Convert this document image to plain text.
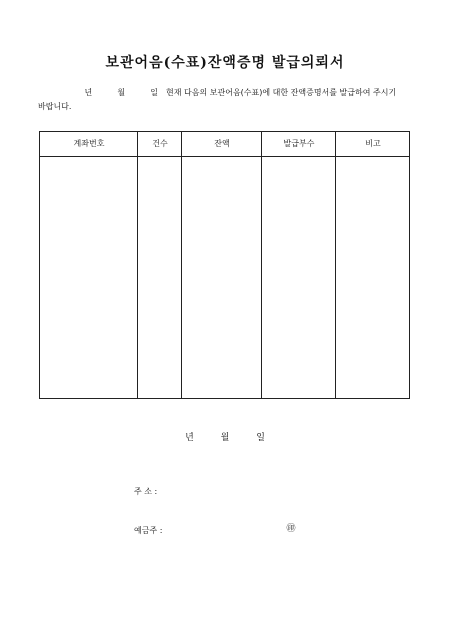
보관어음(수표)잔액증명 발급의뢰서
년	월	일 현재 다음의 보관어음(수표)에 대한 잔액증명서를 발급하여 주시기
바랍니다.
계좌번호	건수	잔액	발급부수	비고
년	월	일
주 소 :
예금주 :	㊞
